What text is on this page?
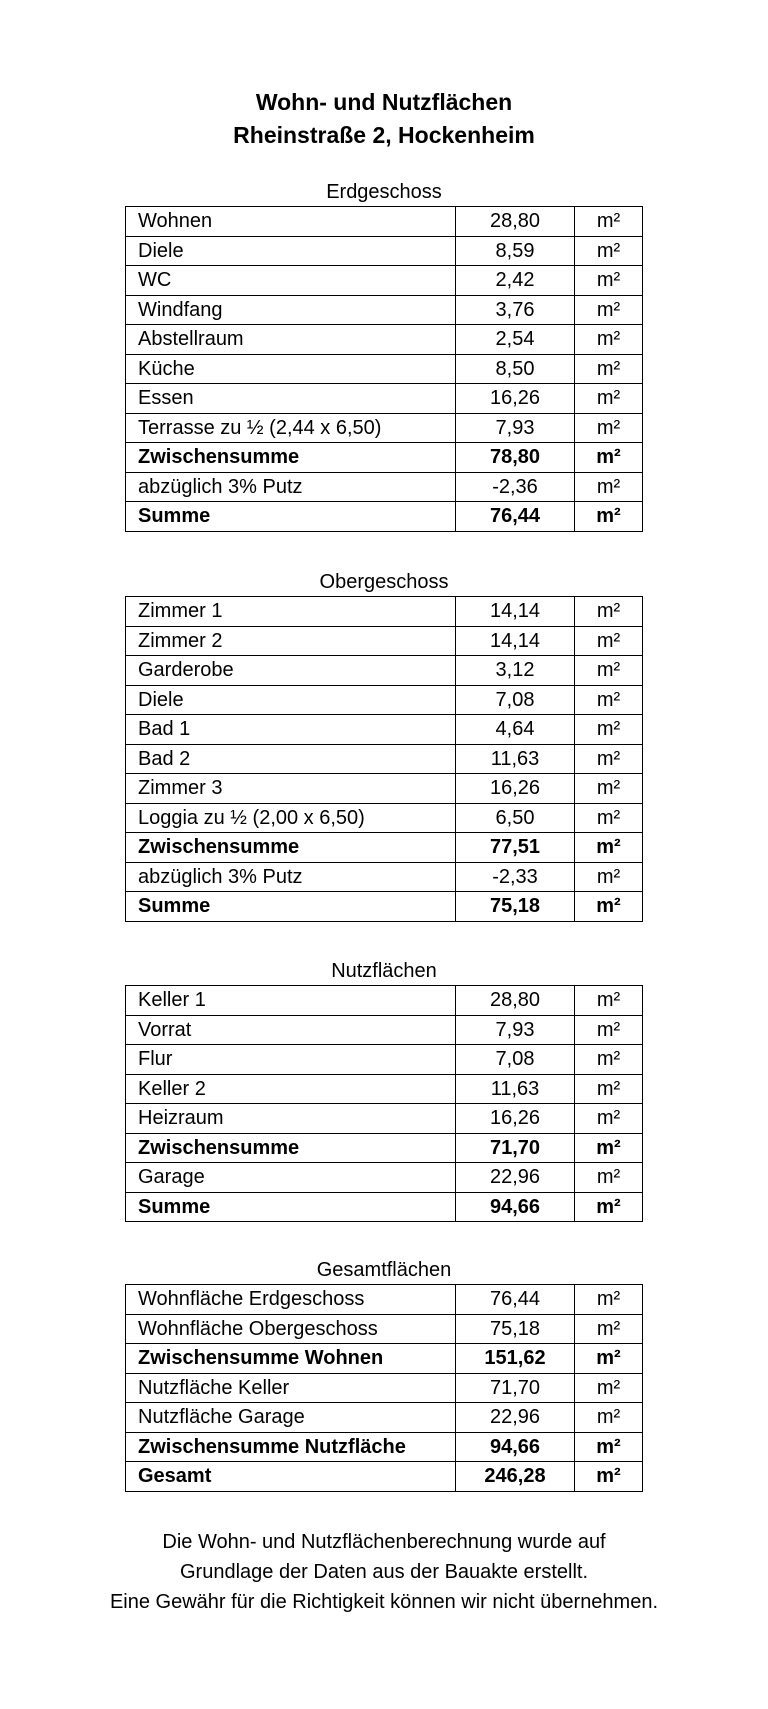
Wohn- und Nutzflächen
Rheinstraße 2, Hockenheim
Erdgeschoss
Wohnen	28,80	m²
Diele	8,59	m²
WC	2,42	m²
Windfang	3,76	m²
Abstellraum	2,54	m²
Küche	8,50	m²
Essen	16,26	m²
Terrasse zu ½ (2,44 x 6,50)	7,93	m²
Zwischensumme	78,80	m²
abzüglich 3% Putz	-2,36	m²
Summe	76,44	m²
Obergeschoss
Zimmer 1	14,14	m²
Zimmer 2	14,14	m²
Garderobe	3,12	m²
Diele	7,08	m²
Bad 1	4,64	m²
Bad 2	11,63	m²
Zimmer 3	16,26	m²
Loggia zu ½ (2,00 x 6,50)	6,50	m²
Zwischensumme	77,51	m²
abzüglich 3% Putz	-2,33	m²
Summe	75,18	m²
Nutzflächen
Keller 1	28,80	m²
Vorrat	7,93	m²
Flur	7,08	m²
Keller 2	11,63	m²
Heizraum	16,26	m²
Zwischensumme	71,70	m²
Garage	22,96	m²
Summe	94,66	m²
Gesamtflächen
Wohnfläche Erdgeschoss	76,44	m²
Wohnfläche Obergeschoss	75,18	m²
Zwischensumme Wohnen	151,62	m²
Nutzfläche Keller	71,70	m²
Nutzfläche Garage	22,96	m²
Zwischensumme Nutzfläche	94,66	m²
Gesamt	246,28	m²
Die Wohn- und Nutzflächenberechnung wurde auf
Grundlage der Daten aus der Bauakte erstellt.
Eine Gewähr für die Richtigkeit können wir nicht übernehmen.
